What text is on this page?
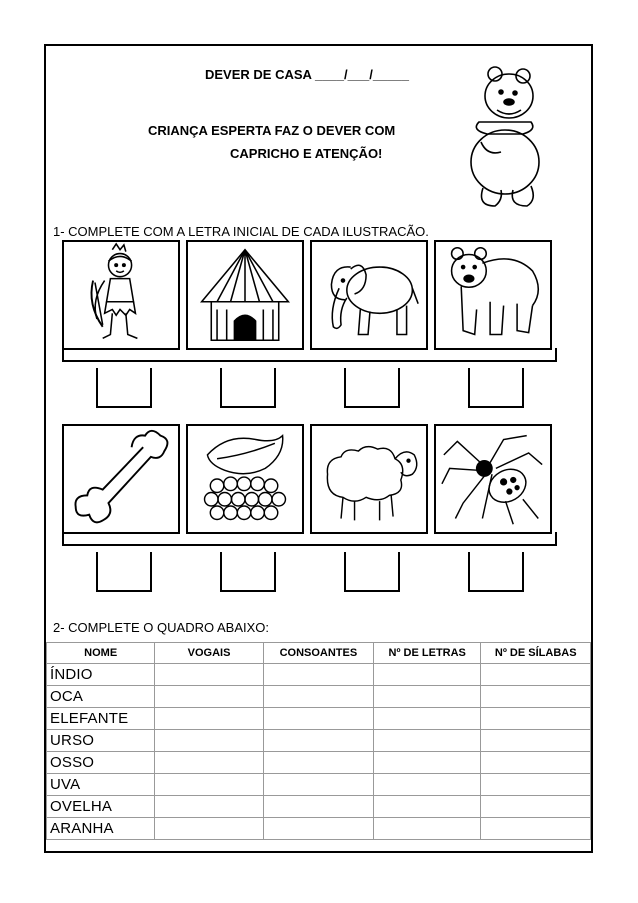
DEVER DE CASA ____/___/_____
CRIANÇA ESPERTA FAZ O DEVER COM
CAPRICHO E ATENÇÃO!
1- COMPLETE COM A LETRA INICIAL DE CADA ILUSTRACÃO.
2- COMPLETE O QUADRO ABAIXO:
NOME	VOGAIS	CONSOANTES	Nº DE LETRAS	Nº DE SÍLABAS
ÍNDIO				
OCA				
ELEFANTE				
URSO				
OSSO				
UVA				
OVELHA				
ARANHA				
